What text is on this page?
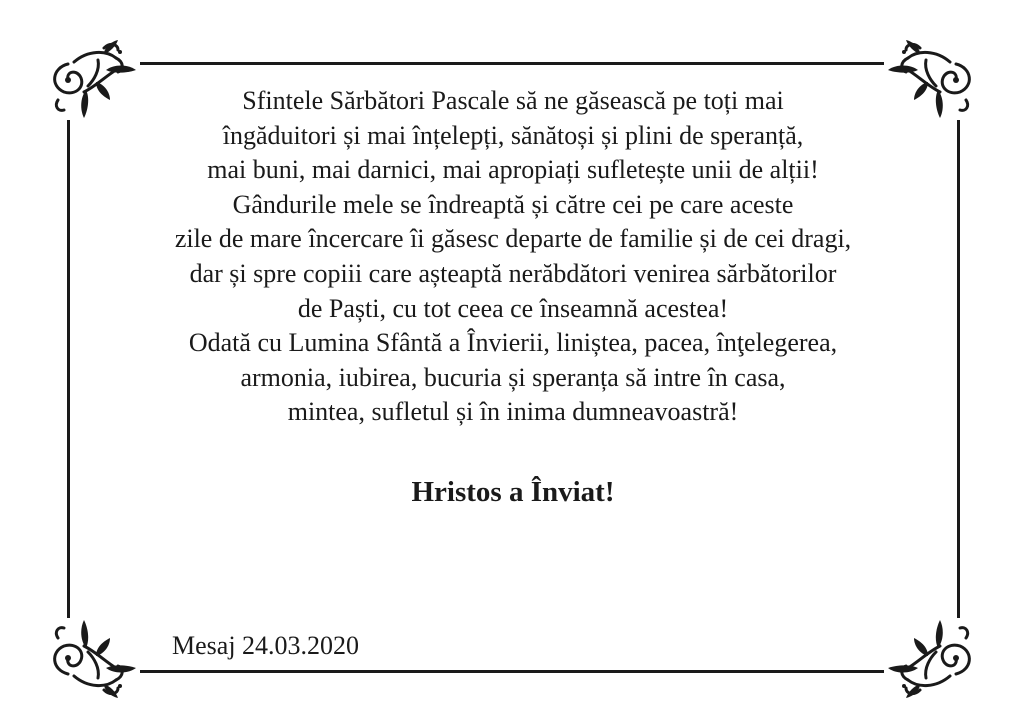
Sfintele Sărbători Pascale să ne găsească pe toți mai
îngăduitori și mai înțelepți, sănătoși și plini de speranță,
mai buni, mai darnici, mai apropiați sufletește unii de alții!
Gândurile mele se îndreaptă și către cei pe care aceste
zile de mare încercare îi găsesc departe de familie și de cei dragi,
dar și spre copiii care așteaptă nerăbdători venirea sărbătorilor
de Paști, cu tot ceea ce înseamnă acestea!
Odată cu Lumina Sfântă a Învierii, liniștea, pacea, înţelegerea,
armonia, iubirea, bucuria și speranța să intre în casa,
mintea, sufletul și în inima dumneavoastră!

Hristos a Înviat!

Mesaj 24.03.2020
